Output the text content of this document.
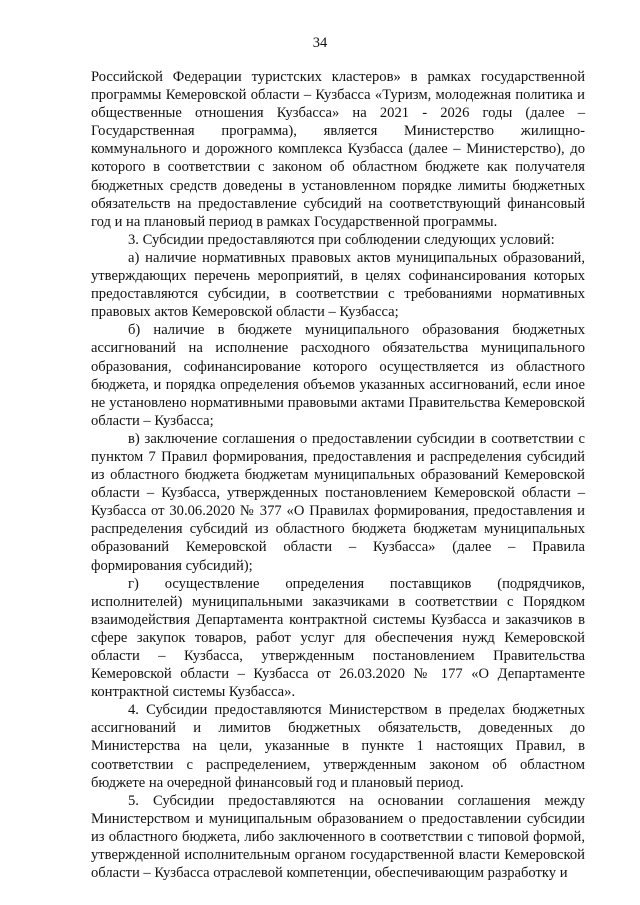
34

Российской Федерации туристских кластеров» в рамках государственной программы Кемеровской области – Кузбасса «Туризм, молодежная политика и общественные отношения Кузбасса» на 2021 - 2026 годы (далее – Государственная программа), является Министерство жилищно-коммунального и дорожного комплекса Кузбасса (далее – Министерство), до которого в соответствии с законом об областном бюджете как получателя бюджетных средств доведены в установленном порядке лимиты бюджетных обязательств на предоставление субсидий на соответствующий финансовый год и на плановый период в рамках Государственной программы.

3. Субсидии предоставляются при соблюдении следующих условий:

а) наличие нормативных правовых актов муниципальных образований, утверждающих перечень мероприятий, в целях софинансирования которых предоставляются субсидии, в соответствии с требованиями нормативных правовых актов Кемеровской области – Кузбасса;

б) наличие в бюджете муниципального образования бюджетных ассигнований на исполнение расходного обязательства муниципального образования, софинансирование которого осуществляется из областного бюджета, и порядка определения объемов указанных ассигнований, если иное не установлено нормативными правовыми актами Правительства Кемеровской области – Кузбасса;

в) заключение соглашения о предоставлении субсидии в соответствии с пунктом 7 Правил формирования, предоставления и распределения субсидий из областного бюджета бюджетам муниципальных образований Кемеровской области – Кузбасса, утвержденных постановлением Кемеровской области – Кузбасса от 30.06.2020 № 377 «О Правилах формирования, предоставления и распределения субсидий из областного бюджета бюджетам муниципальных образований Кемеровской области – Кузбасса» (далее – Правила формирования субсидий);

г) осуществление определения поставщиков (подрядчиков, исполнителей) муниципальными заказчиками в соответствии с Порядком взаимодействия Департамента контрактной системы Кузбасса и заказчиков в сфере закупок товаров, работ услуг для обеспечения нужд Кемеровской области – Кузбасса, утвержденным постановлением Правительства Кемеровской области – Кузбасса от 26.03.2020 № 177 «О Департаменте контрактной системы Кузбасса».

4. Субсидии предоставляются Министерством в пределах бюджетных ассигнований и лимитов бюджетных обязательств, доведенных до Министерства на цели, указанные в пункте 1 настоящих Правил, в соответствии с распределением, утвержденным законом об областном бюджете на очередной финансовый год и плановый период.

5. Субсидии предоставляются на основании соглашения между Министерством и муниципальным образованием о предоставлении субсидии из областного бюджета, либо заключенного в соответствии с типовой формой, утвержденной исполнительным органом государственной власти Кемеровской области – Кузбасса отраслевой компетенции, обеспечивающим разработку и
